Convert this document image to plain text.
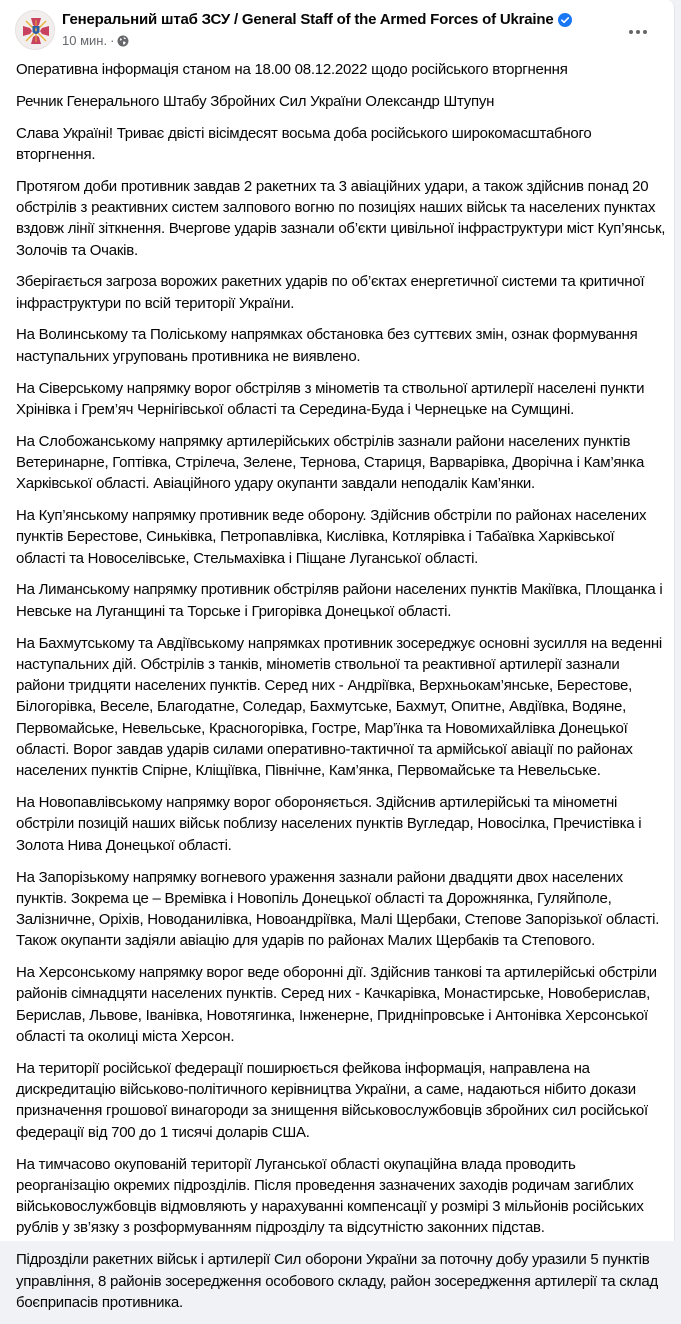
Генеральний штаб ЗСУ / General Staff of the Armed Forces of Ukraine
10 мин. ·

Оперативна інформація станом на 18.00 08.12.2022 щодо російського вторгнення

Речник Генерального Штабу Збройних Сил України Олександр Штупун

Слава Україні! Триває двісті вісімдесят восьма доба російського широкомасштабного вторгнення.

Протягом доби противник завдав 2 ракетних та 3 авіаційних удари, а також здійснив понад 20 обстрілів з реактивних систем залпового вогню по позиціях наших військ та населених пунктах вздовж лінії зіткнення. Вчергове ударів зазнали об’єкти цивільної інфраструктури міст Куп’янськ, Золочів та Очаків.

Зберігається загроза ворожих ракетних ударів по об’єктах енергетичної системи та критичної інфраструктури по всій території України.

На Волинському та Поліському напрямках обстановка без суттєвих змін, ознак формування наступальних угруповань противника не виявлено.

На Сіверському напрямку ворог обстріляв з мінометів та ствольної артилерії населені пункти Хрінівка і Грем’яч Чернігівської області та Середина-Буда і Чернецьке на Сумщині.

На Слобожанському напрямку артилерійських обстрілів зазнали райони населених пунктів Ветеринарне, Гоптівка, Стрілеча, Зелене, Тернова, Стариця, Варварівка, Дворічна і Кам’янка Харківської області. Авіаційного удару окупанти завдали неподалік Кам’янки.

На Куп’янському напрямку противник веде оборону. Здійснив обстріли по районах населених пунктів Берестове, Синьківка, Петропавлівка, Кислівка, Котлярівка і Табаївка Харківської області та Новоселівське, Стельмахівка і Піщане Луганської області.

На Лиманському напрямку противник обстріляв райони населених пунктів Макіївка, Площанка і Невське на Луганщині та Торське і Григорівка Донецької області.

На Бахмутському та Авдіївському напрямках противник зосереджує основні зусилля на веденні наступальних дій. Обстрілів з танків, мінометів ствольної та реактивної артилерії зазнали райони тридцяти населених пунктів. Серед них - Андріївка, Верхньокам’янське, Берестове, Білогорівка, Веселе, Благодатне, Соледар, Бахмутське, Бахмут, Опитне, Авдіївка, Водяне, Первомайське, Невельське, Красногорівка, Гостре, Мар’їнка та Новомихайлівка Донецької області. Ворог завдав ударів силами оперативно-тактичної та армійської авіації по районах населених пунктів Спірне, Кліщіївка, Північне, Кам’янка, Первомайське та Невельське.

На Новопавлівському напрямку ворог обороняється. Здійснив артилерійські та мінометні обстріли позицій наших військ поблизу населених пунктів Вугледар, Новосілка, Пречистівка і Золота Нива Донецької області.

На Запорізькому напрямку вогневого ураження зазнали райони двадцяти двох населених пунктів. Зокрема це – Времівка і Новопіль Донецької області та Дорожнянка, Гуляйполе, Залізничне, Оріхів, Новоданилівка, Новоандріївка, Малі Щербаки, Степове Запорізької області. Також окупанти задіяли авіацію для ударів по районах Малих Щербаків та Степового.

На Херсонському напрямку ворог веде оборонні дії. Здійснив танкові та артилерійські обстріли районів сімнадцяти населених пунктів. Серед них - Качкарівка, Монастирське, Новоберислав, Берислав, Львове, Іванівка, Новотягинка, Інженерне, Придніпровське і Антонівка Херсонської області та околиці міста Херсон.

На території російської федерації поширюється фейкова інформація, направлена на дискредитацію військово-політичного керівництва України, а саме, надаються нібито докази призначення грошової винагороди за знищення військовослужбовців збройних сил російської федерації від 700 до 1 тисячі доларів США.

На тимчасово окупованій території Луганської області окупаційна влада проводить реорганізацію окремих підрозділів. Після проведення зазначених заходів родичам загиблих військовослужбовців відмовляють у нарахуванні компенсації у розмірі 3 мільйонів російських рублів у зв’язку з розформуванням підрозділу та відсутністю законних підстав.

Підрозділи ракетних військ і артилерії Сил оборони України за поточну добу уразили 5 пунктів управління, 8 районів зосередження особового складу, район зосередження артилерії та склад боєприпасів противника.
